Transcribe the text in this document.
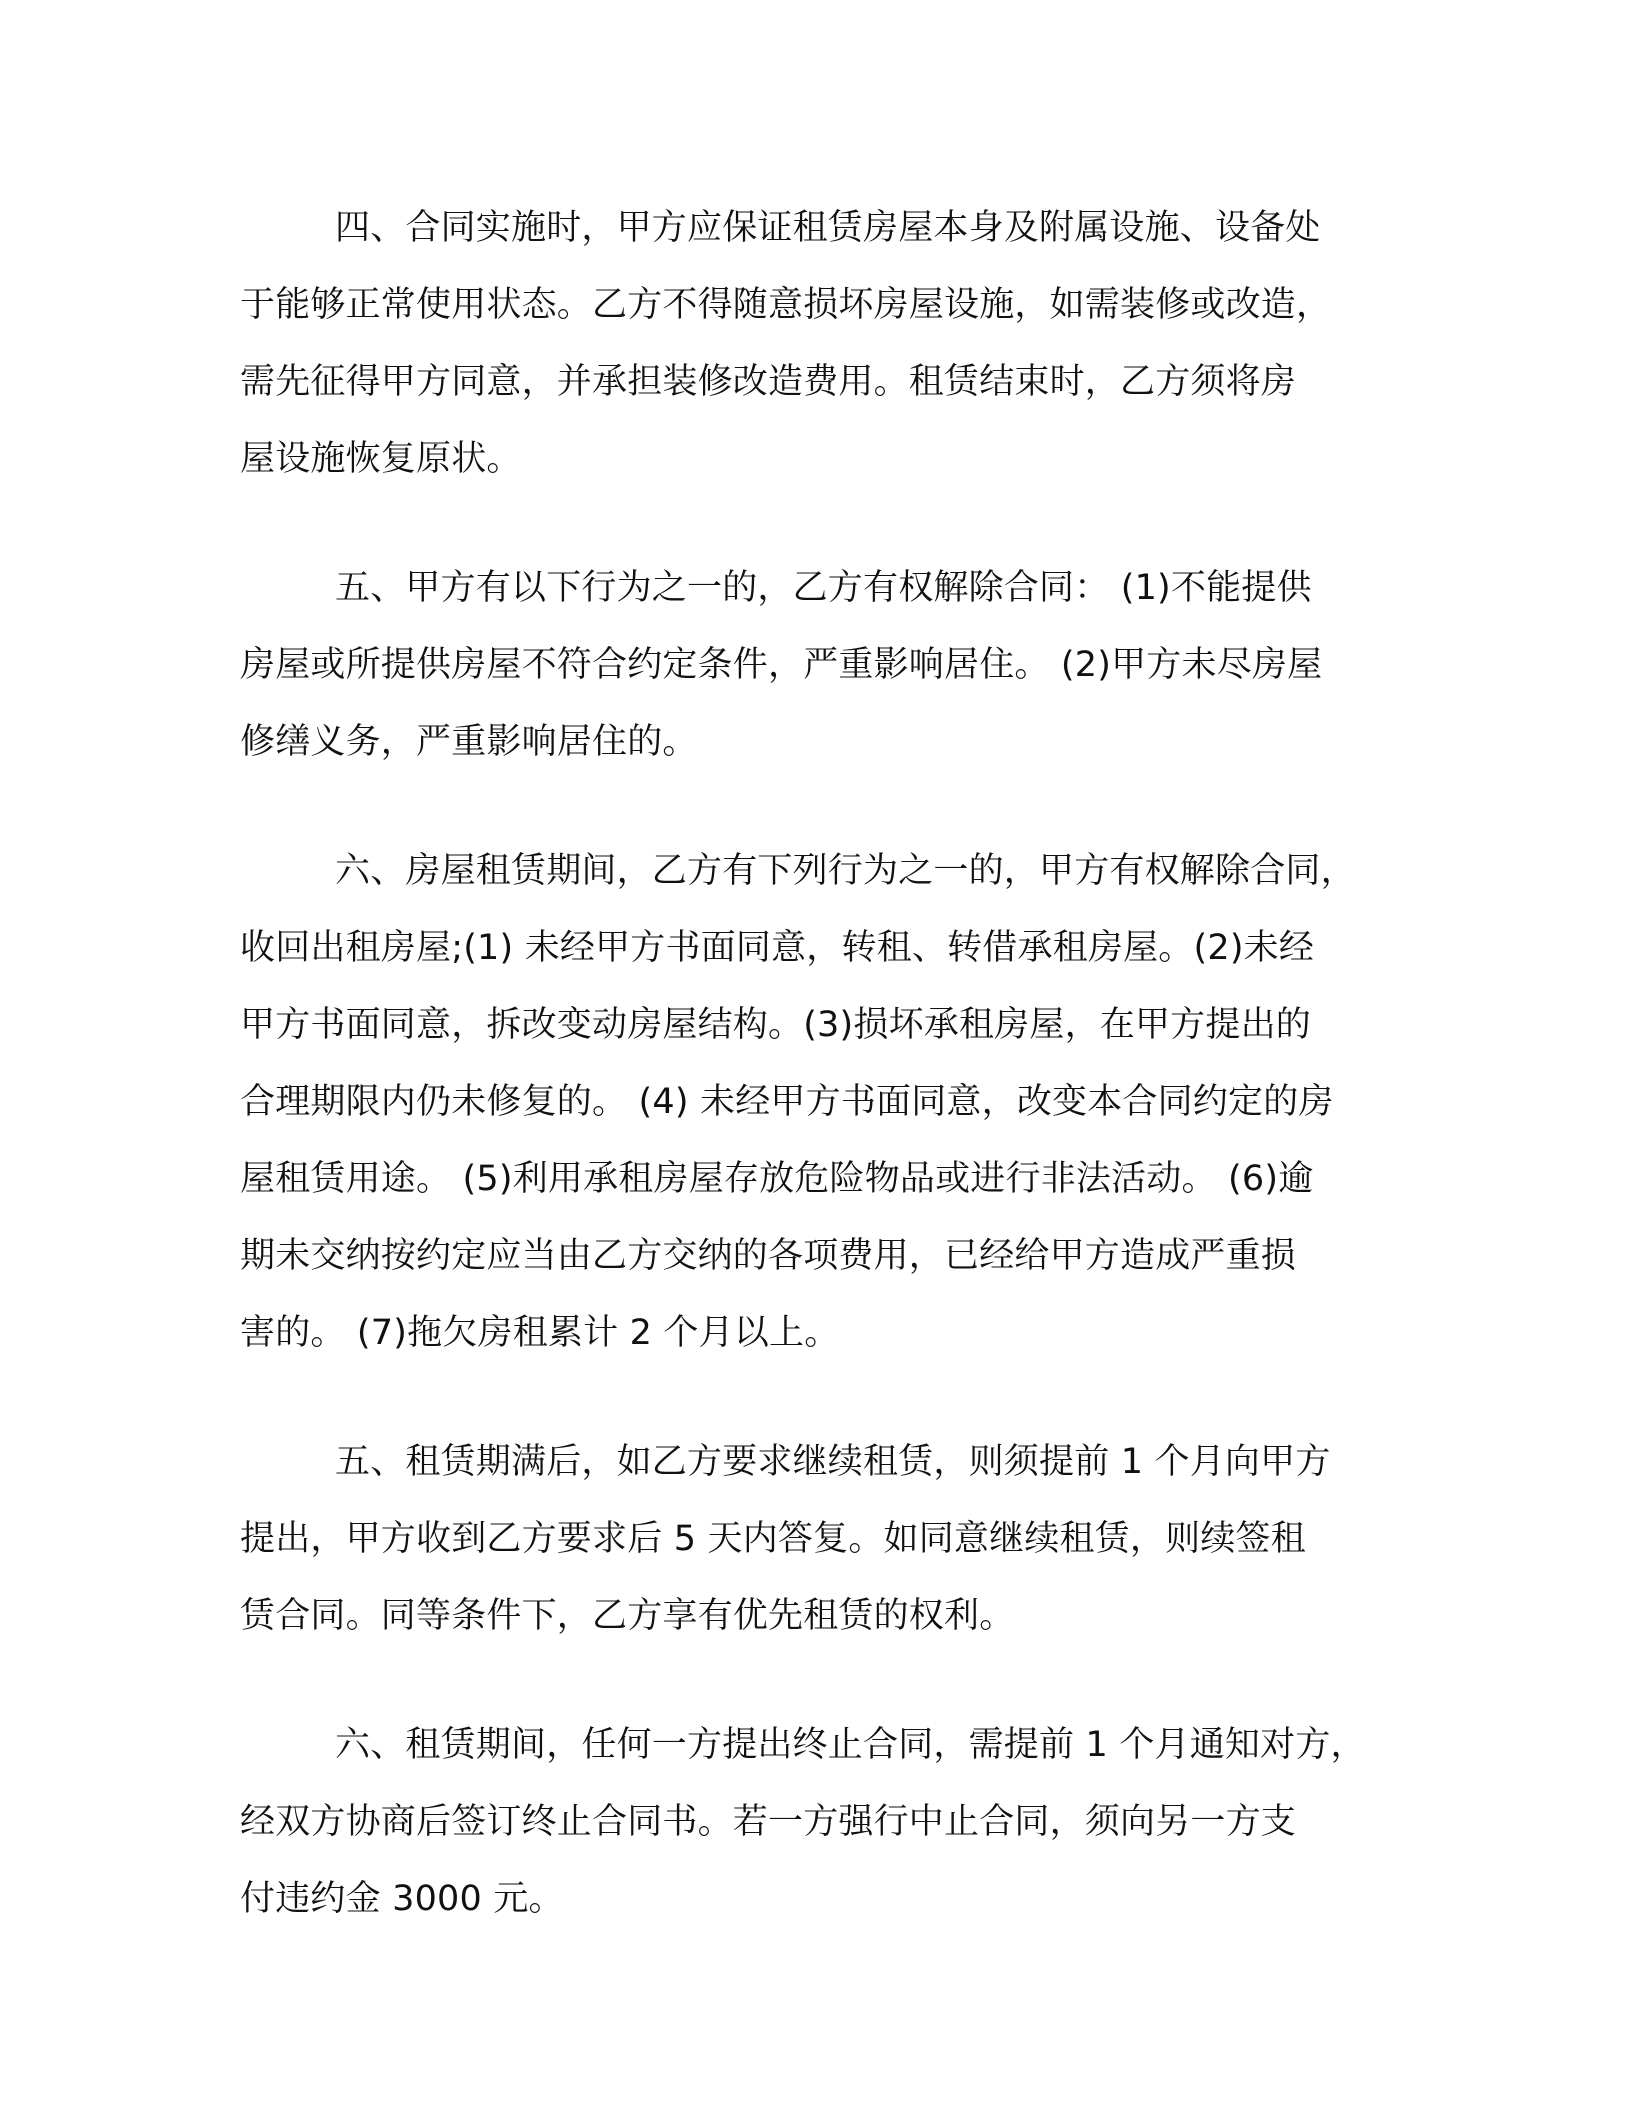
四、合同实施时，甲方应保证租赁房屋本身及附属设施、设备处
于能够正常使用状态。乙方不得随意损坏房屋设施，如需装修或改造，
需先征得甲方同意，并承担装修改造费用。租赁结束时，乙方须将房
屋设施恢复原状。

五、甲方有以下行为之一的，乙方有权解除合同： (1)不能提供
房屋或所提供房屋不符合约定条件，严重影响居住。 (2)甲方未尽房屋
修缮义务，严重影响居住的。

六、房屋租赁期间，乙方有下列行为之一的，甲方有权解除合同，
收回出租房屋;(1) 未经甲方书面同意，转租、转借承租房屋。(2)未经
甲方书面同意，拆改变动房屋结构。(3)损坏承租房屋，在甲方提出的
合理期限内仍未修复的。 (4) 未经甲方书面同意，改变本合同约定的房
屋租赁用途。 (5)利用承租房屋存放危险物品或进行非法活动。 (6)逾
期未交纳按约定应当由乙方交纳的各项费用，已经给甲方造成严重损
害的。 (7)拖欠房租累计 2 个月以上。

五、租赁期满后，如乙方要求继续租赁，则须提前 1 个月向甲方
提出，甲方收到乙方要求后 5 天内答复。如同意继续租赁，则续签租
赁合同。同等条件下，乙方享有优先租赁的权利。

六、租赁期间，任何一方提出终止合同，需提前 1 个月通知对方，
经双方协商后签订终止合同书。若一方强行中止合同，须向另一方支
付违约金 3000 元。
